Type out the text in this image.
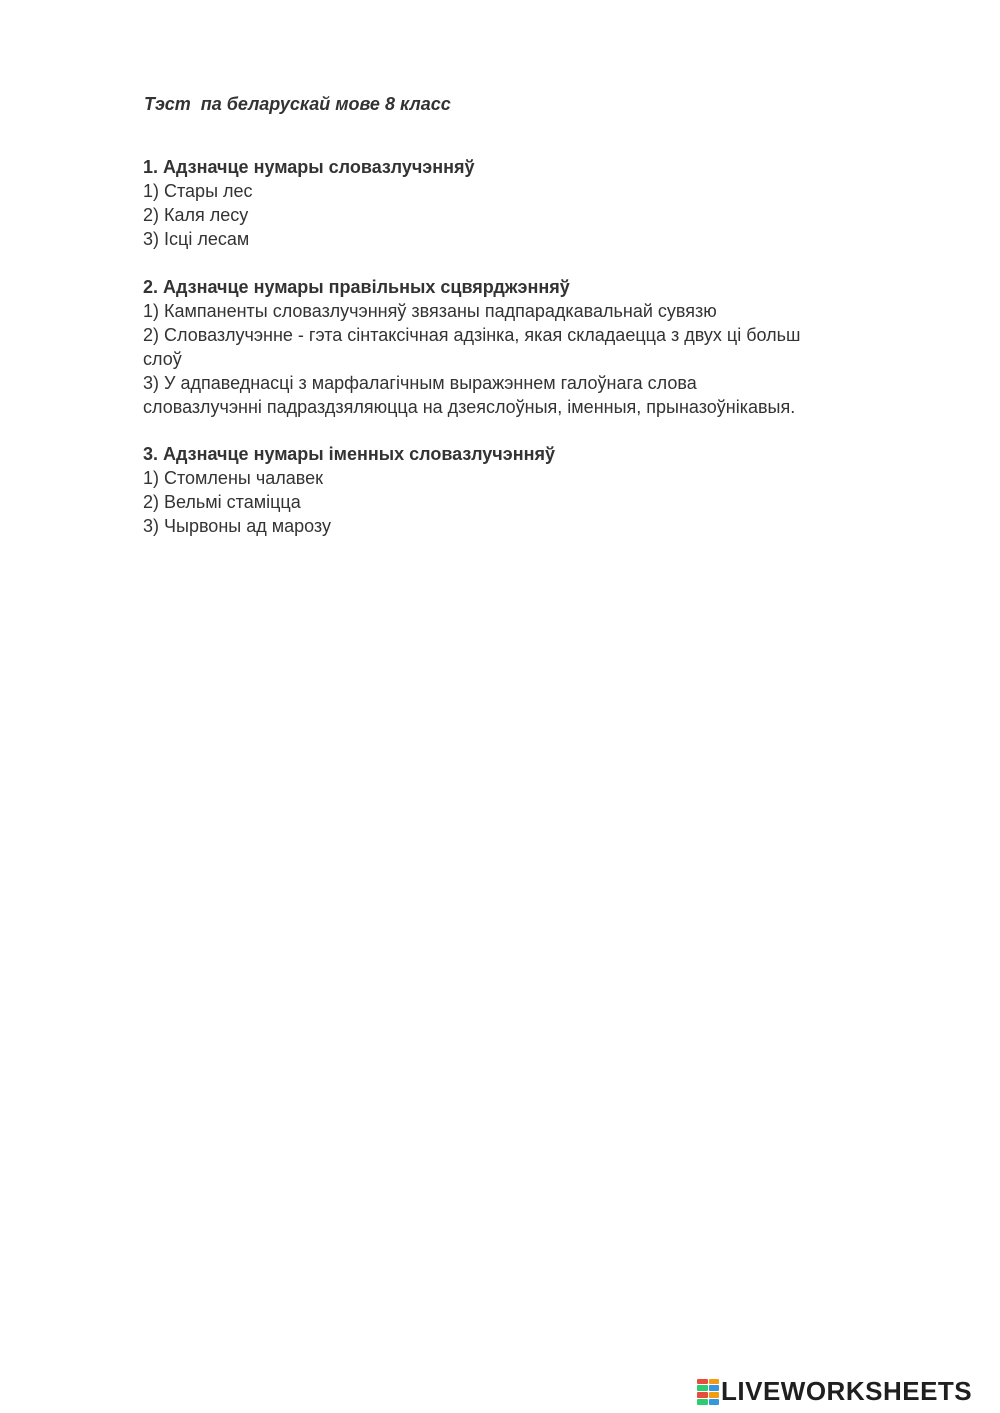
Тэст  па беларускай мове 8 класс
1. Адзначце нумары словазлучэнняў
1) Стары лес
2) Каля лесу
3) Ісці лесам
2. Адзначце нумары правільных сцвярджэнняў
1) Кампаненты словазлучэнняў звязаны падпарадкавальнай сувязю
2) Словазлучэнне - гэта сінтаксічная адзінка, якая складаецца з двух ці больш
слоў
3) У адпаведнасці з марфалагічным выражэннем галоўнага слова
словазлучэнні падраздзяляюцца на дзеяслоўныя, іменныя, прыназоўнікавыя.
3. Адзначце нумары іменных словазлучэнняў
1) Стомлены чалавек
2) Вельмі стаміцца
3) Чырвоны ад марозу
LIVEWORKSHEETS
